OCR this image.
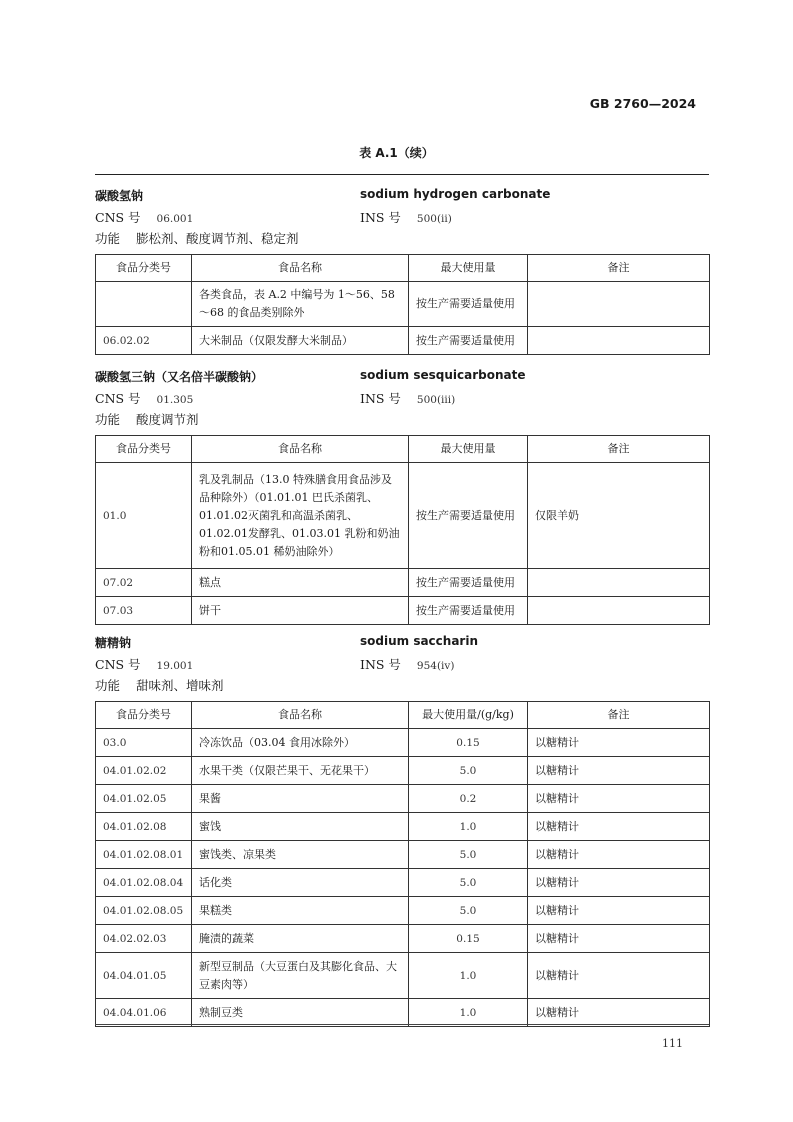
GB 2760—2024
表 A.1（续）
碳酸氢钠	sodium hydrogen carbonate
CNS 号 06.001	INS 号 500(ii)
功能 膨松剂、酸度调节剂、稳定剂
食品分类号	食品名称	最大使用量	备注
	各类食品，表 A.2 中编号为 1～56、58～68 的食品类别除外	按生产需要适量使用	
06.02.02	大米制品（仅限发酵大米制品）	按生产需要适量使用	
碳酸氢三钠（又名倍半碳酸钠）	sodium sesquicarbonate
CNS 号 01.305	INS 号 500(iii)
功能 酸度调节剂
食品分类号	食品名称	最大使用量	备注
01.0	乳及乳制品（13.0 特殊膳食用食品涉及品种除外）（01.01.01 巴氏杀菌乳、01.01.02灭菌乳和高温杀菌乳、01.02.01发酵乳、01.03.01 乳粉和奶油粉和01.05.01 稀奶油除外）	按生产需要适量使用	仅限羊奶
07.02	糕点	按生产需要适量使用	
07.03	饼干	按生产需要适量使用	
糖精钠	sodium saccharin
CNS 号 19.001	INS 号 954(iv)
功能 甜味剂、增味剂
食品分类号	食品名称	最大使用量/(g/kg)	备注
03.0	冷冻饮品（03.04 食用冰除外）	0.15	以糖精计
04.01.02.02	水果干类（仅限芒果干、无花果干）	5.0	以糖精计
04.01.02.05	果酱	0.2	以糖精计
04.01.02.08	蜜饯	1.0	以糖精计
04.01.02.08.01	蜜饯类、凉果类	5.0	以糖精计
04.01.02.08.04	话化类	5.0	以糖精计
04.01.02.08.05	果糕类	5.0	以糖精计
04.02.02.03	腌渍的蔬菜	0.15	以糖精计
04.04.01.05	新型豆制品（大豆蛋白及其膨化食品、大豆素肉等）	1.0	以糖精计
04.04.01.06	熟制豆类	1.0	以糖精计
111
